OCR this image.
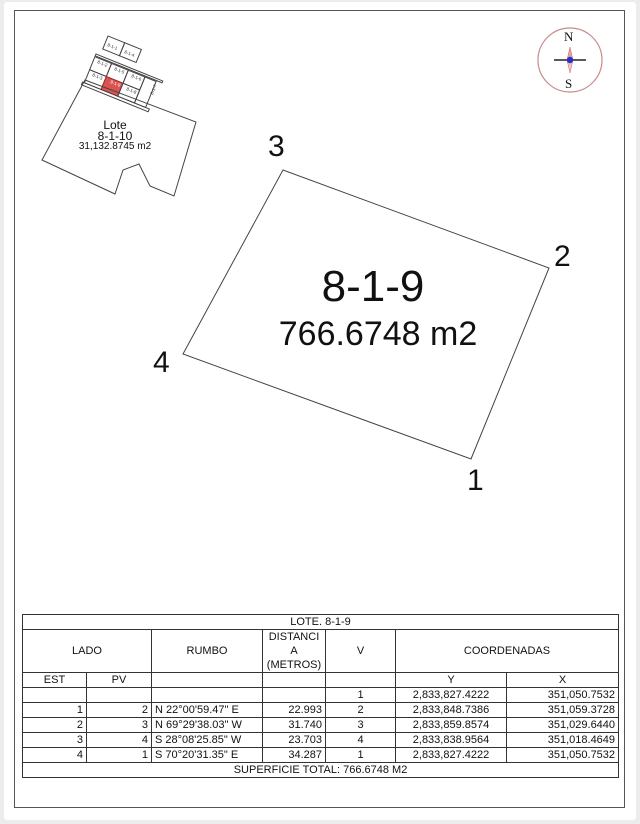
8-1-1
8-1-4
8-1-2
8-1-5
8-1-3
8-1-9
8-1-6
8-1-8	8-1-7
N
S
Lote
8-1-10
31,132.8745 m2	3
2
4
1
8-1-9
766.6748 m2
LOTE. 8-1-9						
LADO		RUMBO	DISTANCI
A
(METROS)	V	COORDENADAS	
EST	PV				Y	X
				1	2,833,827.4222	351,050.7532
1	2	N 22°00'59.47" E	22.993	2	2,833,848.7386	351,059.3728
2	3	N 69°29'38.03" W	31.740	3	2,833,859.8574	351,029.6440
3	4	S 28°08'25.85" W	23.703	4	2,833,838.9564	351,018.4649
4	1	S 70°20'31.35" E	34.287	1	2,833,827.4222	351,050.7532
SUPERFICIE TOTAL: 766.6748 M2						
